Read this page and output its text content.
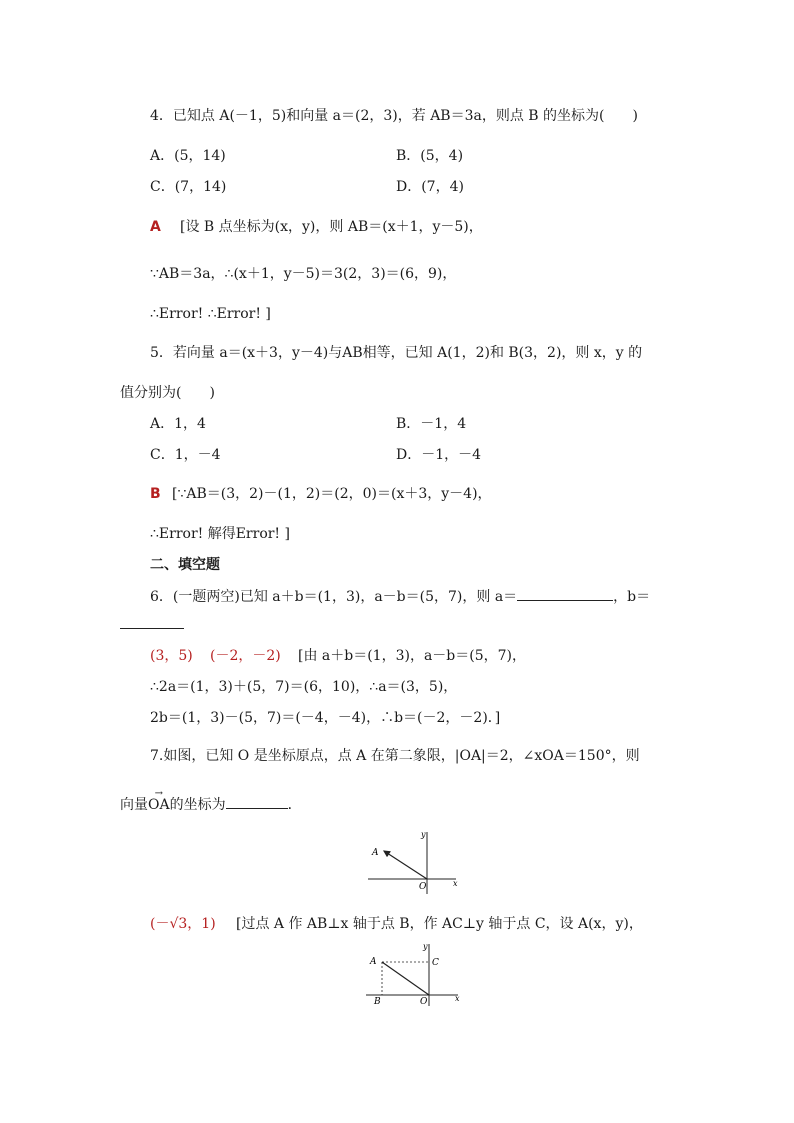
4．已知点 A(－1，5)和向量 a＝(2，3)，若 AB＝3a，则点 B 的坐标为(　　)
A．(5，14)	B．(5，4)
C．(7，14)	D．(7，4)
A [设 B 点坐标为(x，y)，则 AB＝(x＋1，y－5)，
∵AB＝3a，∴(x＋1，y－5)＝3(2，3)＝(6，9)，
∴Error! ∴Error! ]
5．若向量 a＝(x＋3，y－4)与AB相等，已知 A(1，2)和 B(3，2)，则 x，y 的
值分别为(　　)
A．1，4	B．－1，4
C．1，－4	D．－1，－4
B [∵AB＝(3，2)－(1，2)＝(2，0)＝(x＋3，y－4)，
∴Error! 解得Error! ]
二、填空题
6．(一题两空)已知 a＋b＝(1，3)，a－b＝(5，7)，则 a＝	，b＝
(3，5) (－2，－2) [由 a＋b＝(1，3)，a－b＝(5，7)，
∴2a＝(1，3)＋(5，7)＝(6，10)，∴a＝(3，5)，
2b＝(1，3)－(5，7)＝(－4，－4)，∴b＝(－2，－2)．]
7.如图，已知 O 是坐标原点，点 A 在第二象限，|OA|＝2，∠xOA＝150°，则
向量→ OA的坐标为	．
A
O	x
y
(－√3，1) [过点 A 作 AB⊥x 轴于点 B，作 AC⊥y 轴于点 C，设 A(x，y)，
A
B
C
O	x
y
